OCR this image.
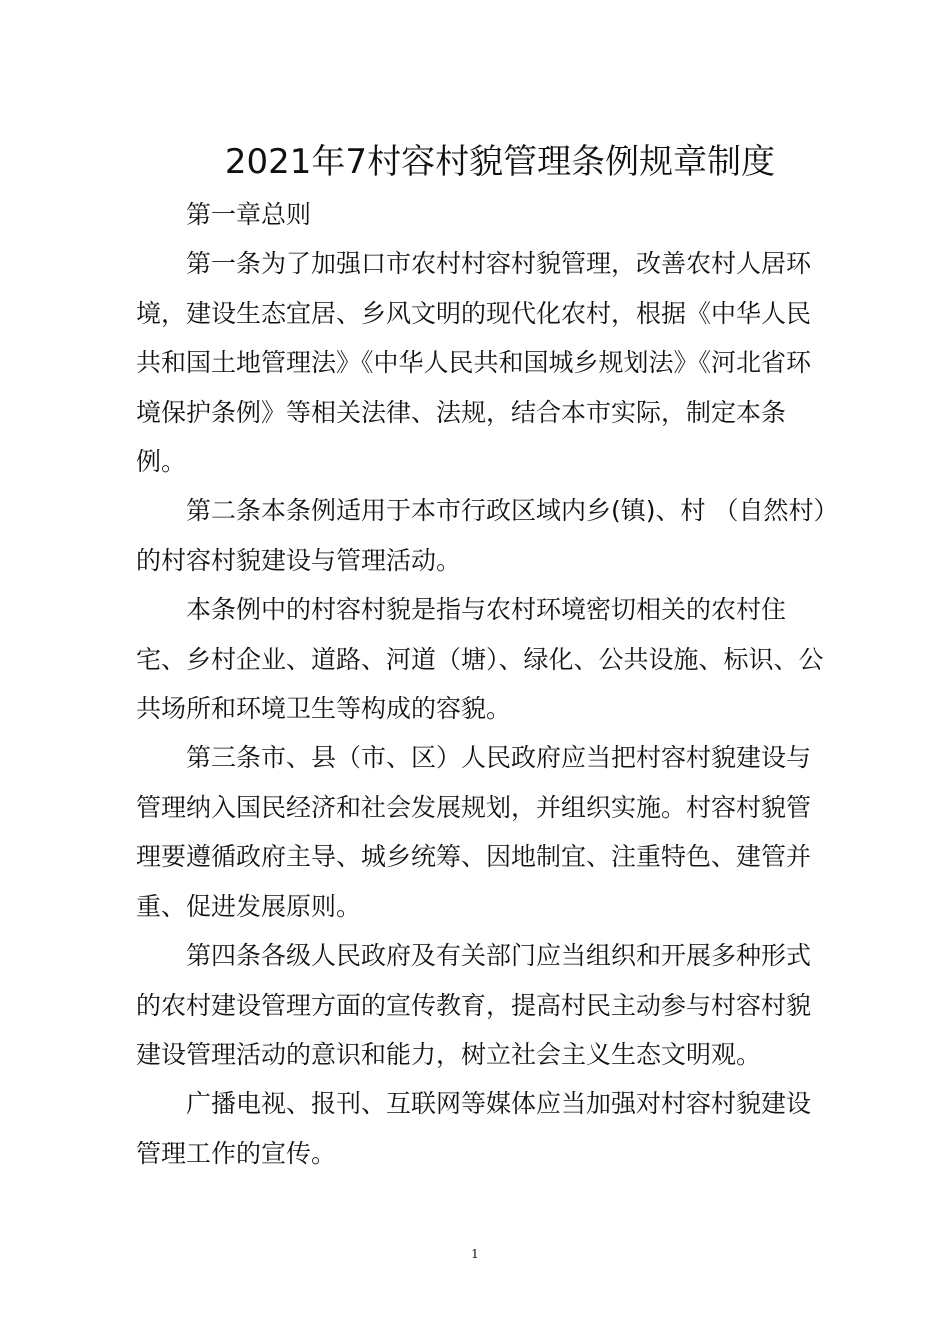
2021年7村容村貌管理条例规章制度

第一章总则

第一条为了加强口市农村村容村貌管理，改善农村人居环境，建设生态宜居、乡风文明的现代化农村，根据《中华人民共和国土地管理法》《中华人民共和国城乡规划法》《河北省环境保护条例》等相关法律、法规，结合本市实际，制定本条例。

第二条本条例适用于本市行政区域内乡(镇)、村 （自然村）的村容村貌建设与管理活动。

本条例中的村容村貌是指与农村环境密切相关的农村住宅、乡村企业、道路、河道（塘）、绿化、公共设施、标识、公共场所和环境卫生等构成的容貌。

第三条市、县（市、区）人民政府应当把村容村貌建设与管理纳入国民经济和社会发展规划，并组织实施。村容村貌管理要遵循政府主导、城乡统筹、因地制宜、注重特色、建管并重、促进发展原则。

第四条各级人民政府及有关部门应当组织和开展多种形式的农村建设管理方面的宣传教育，提高村民主动参与村容村貌建设管理活动的意识和能力，树立社会主义生态文明观。

广播电视、报刊、互联网等媒体应当加强对村容村貌建设管理工作的宣传。

1
